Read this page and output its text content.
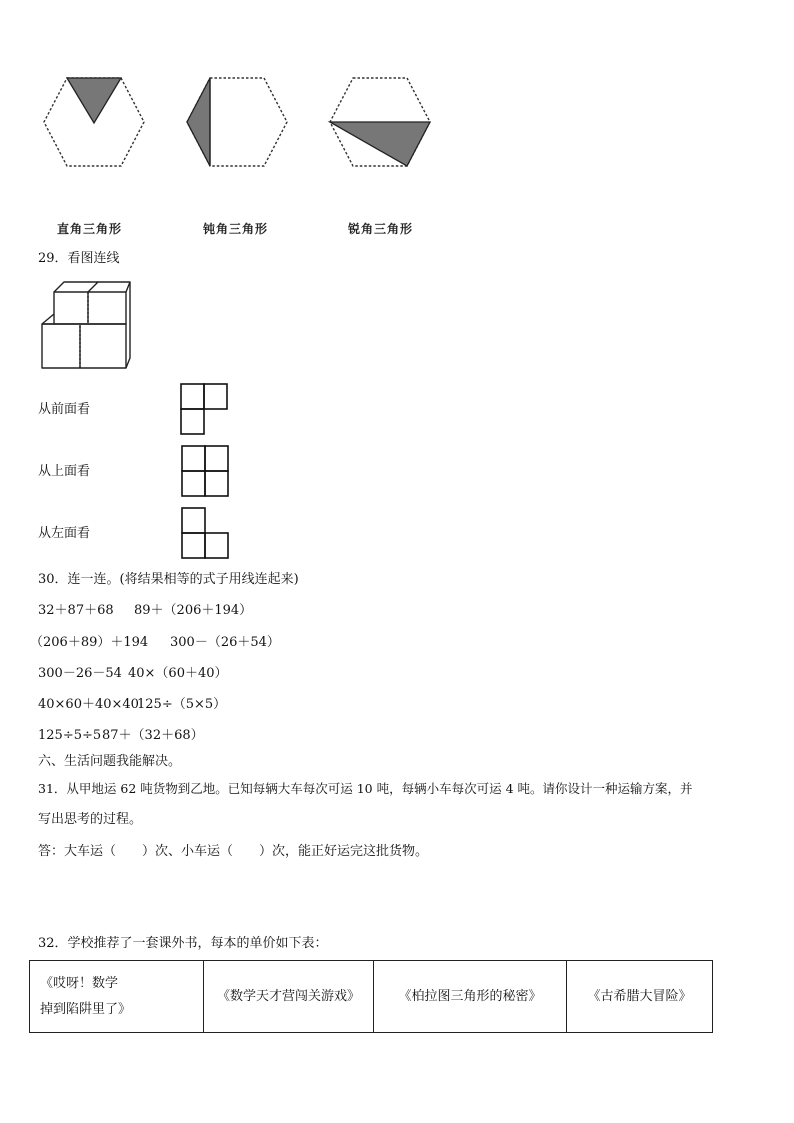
直角三角形	钝角三角形	锐角三角形
29．看图连线
从前面看
从上面看
从左面看
30．连一连。(将结果相等的式子用线连起来)
32＋87＋68 89＋（206＋194）
（206＋89）＋194 300－（26＋54）
300－26－54 40×（60＋40）
40×60＋40×40
125÷（5×5）
125÷5÷5 87＋（32＋68）
六、生活问题我能解决。
31．从甲地运 62 吨货物到乙地。已知每辆大车每次可运 10 吨，每辆小车每次可运 4 吨。请你设计一种运输方案，并
写出思考的过程。
答：大车运（　　）次、小车运（　　）次，能正好运完这批货物。
32．学校推荐了一套课外书，每本的单价如下表：
《哎呀！数学
掉到陷阱里了》
	《数学天才营闯关游戏》	《柏拉图三角形的秘密》	《古希腊大冒险》
